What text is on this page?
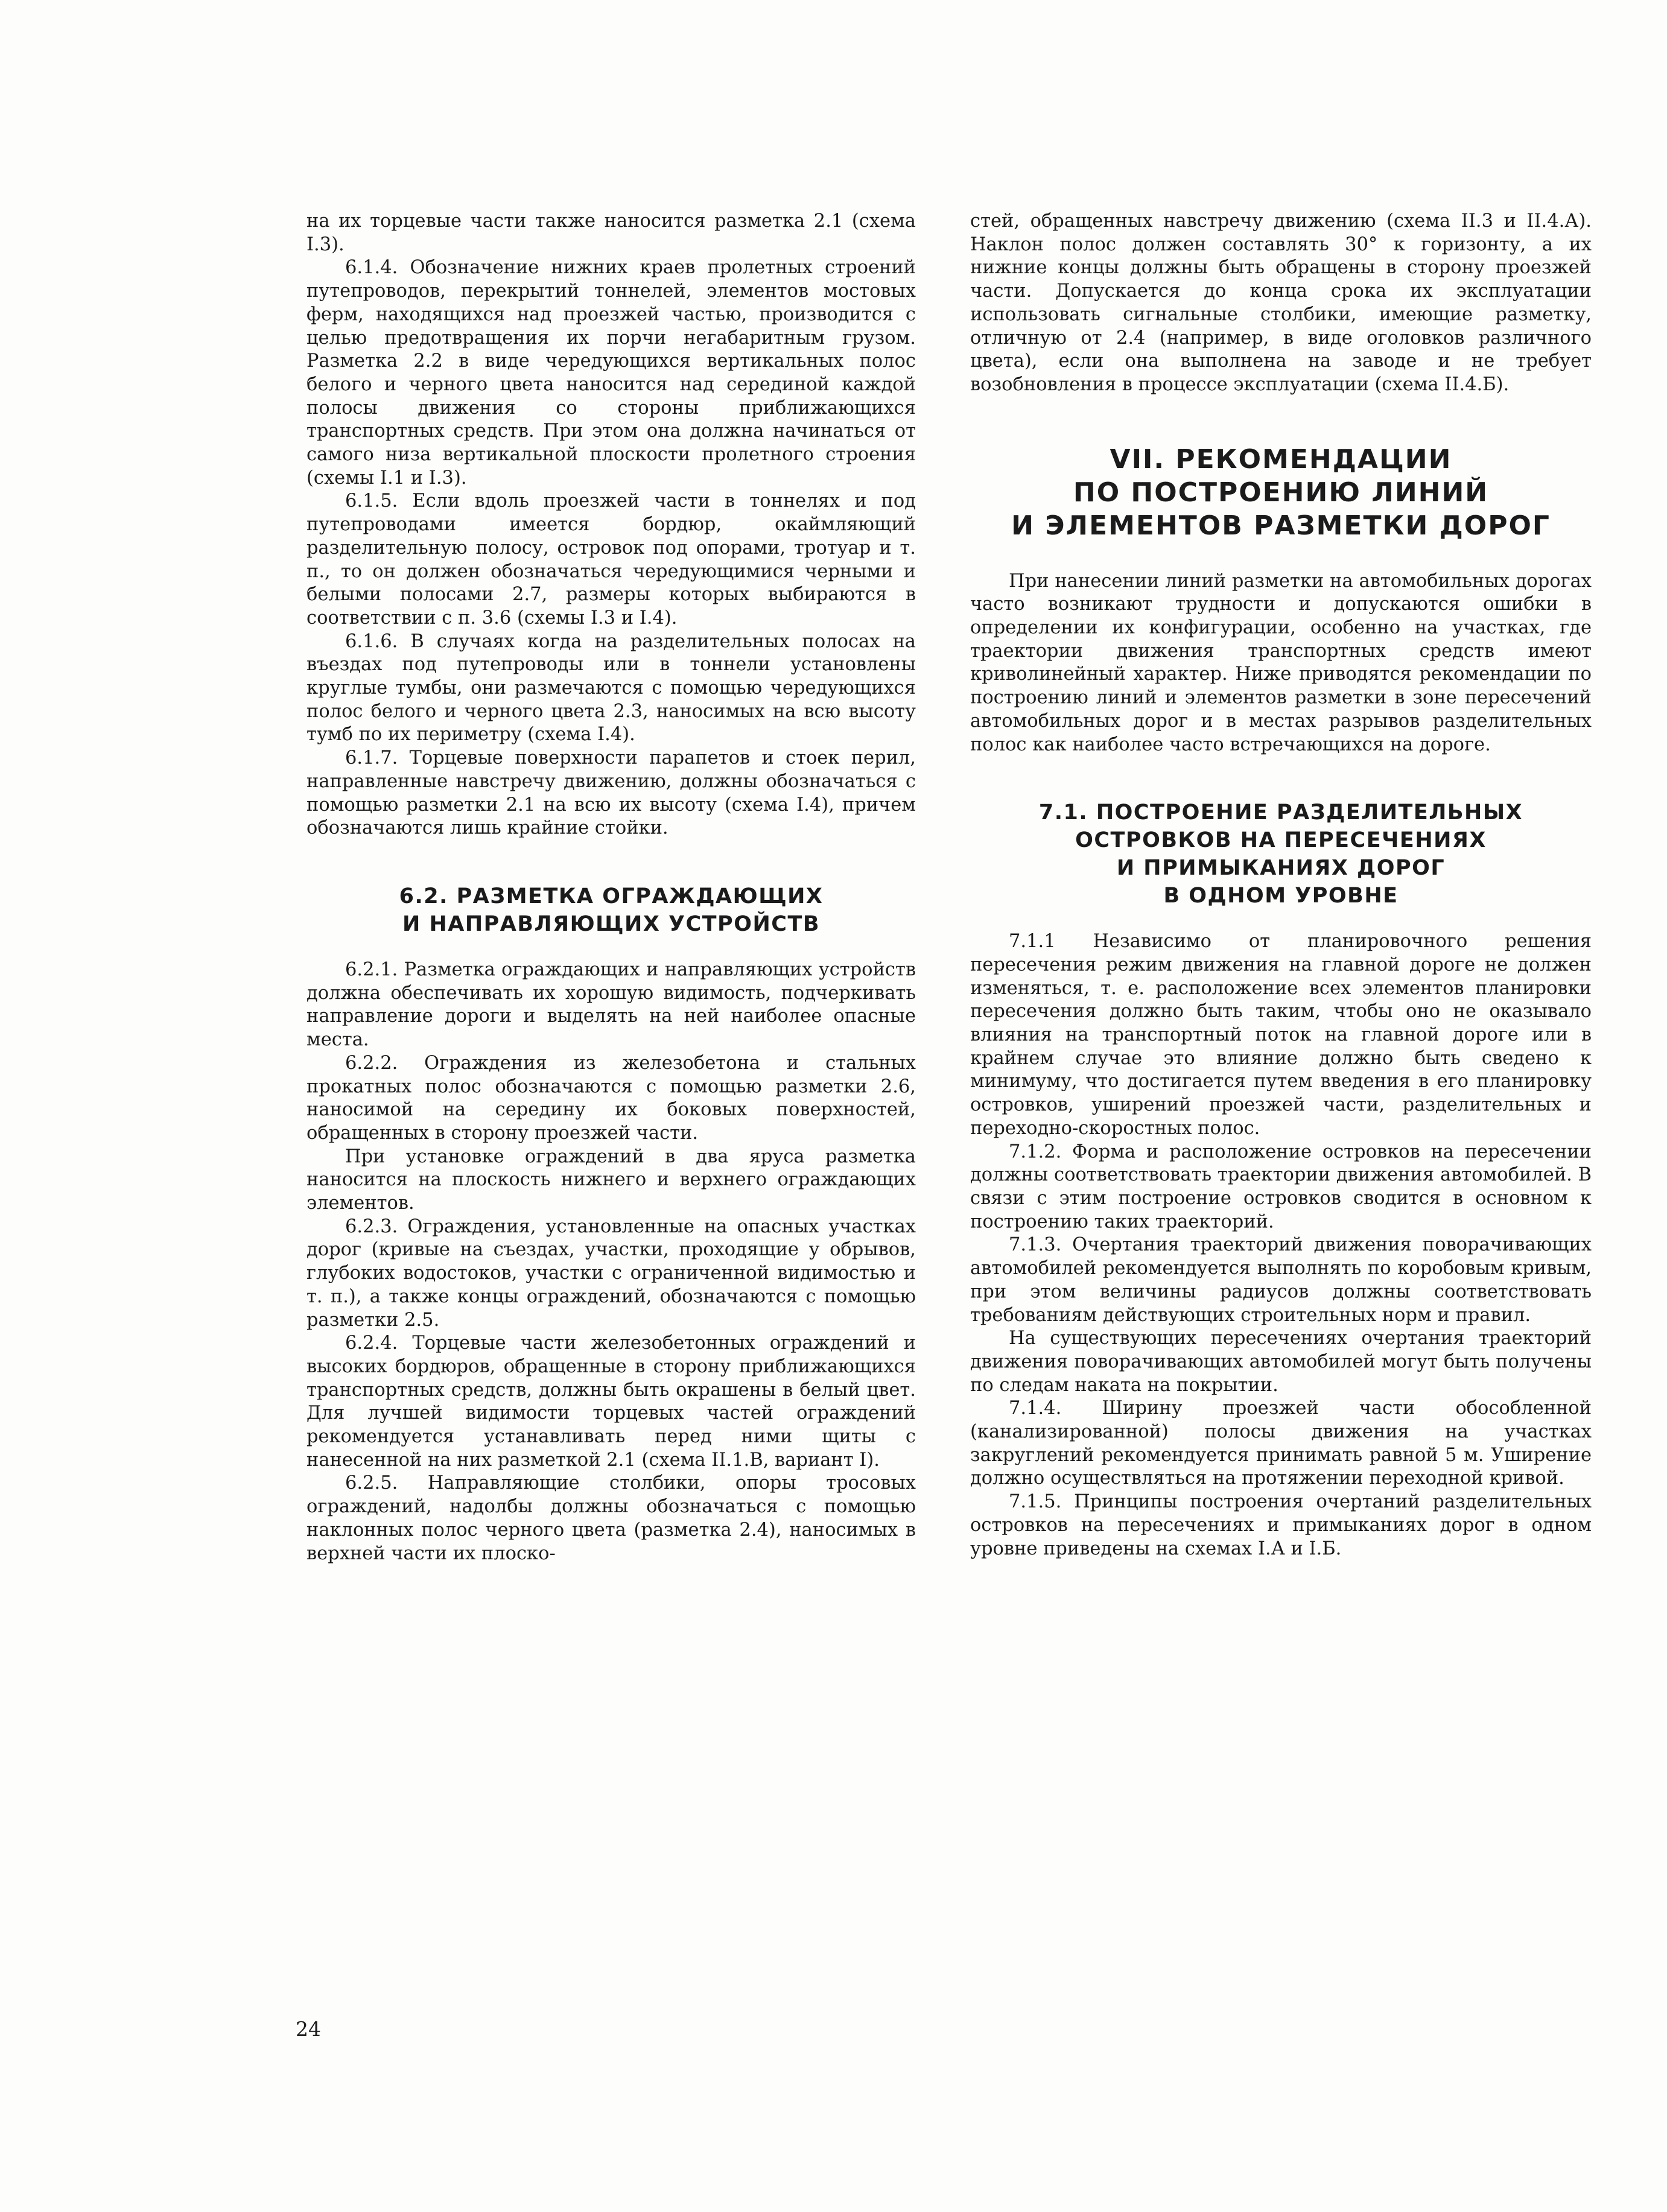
на их торцевые части также наносится разметка 2.1 (схема I.3).

6.1.4. Обозначение нижних краев пролетных строений путепроводов, перекрытий тоннелей, элементов мостовых ферм, находящихся над проезжей частью, производится с целью предотвращения их порчи негабаритным грузом. Разметка 2.2 в виде чередующихся вертикальных полос белого и черного цвета наносится над серединой каждой полосы движения со стороны приближающихся транспортных средств. При этом она должна начинаться от самого низа вертикальной плоскости пролетного строения (схемы I.1 и I.3).

6.1.5. Если вдоль проезжей части в тоннелях и под путепроводами имеется бордюр, окаймляющий разделительную полосу, островок под опорами, тротуар и т. п., то он должен обозначаться чередующимися черными и белыми полосами 2.7, размеры которых выбираются в соответствии с п. 3.6 (схемы I.3 и I.4).

6.1.6. В случаях когда на разделительных полосах на въездах под путепроводы или в тоннели установлены круглые тумбы, они размечаются с помощью чередующихся полос белого и черного цвета 2.3, наносимых на всю высоту тумб по их периметру (схема I.4).

6.1.7. Торцевые поверхности парапетов и стоек перил, направленные навстречу движению, должны обозначаться с помощью разметки 2.1 на всю их высоту (схема I.4), причем обозначаются лишь крайние стойки.

6.2. РАЗМЕТКА ОГРАЖДАЮЩИХ
И НАПРАВЛЯЮЩИХ УСТРОЙСТВ

6.2.1. Разметка ограждающих и направляющих устройств должна обеспечивать их хорошую видимость, подчеркивать направление дороги и выделять на ней наиболее опасные места.

6.2.2. Ограждения из железобетона и стальных прокатных полос обозначаются с помощью разметки 2.6, наносимой на середину их боковых поверхностей, обращенных в сторону проезжей части.

При установке ограждений в два яруса разметка наносится на плоскость нижнего и верхнего ограждающих элементов.

6.2.3. Ограждения, установленные на опасных участках дорог (кривые на съездах, участки, проходящие у обрывов, глубоких водостоков, участки с ограниченной видимостью и т. п.), а также концы ограждений, обозначаются с помощью разметки 2.5.

6.2.4. Торцевые части железобетонных ограждений и высоких бордюров, обращенные в сторону приближающихся транспортных средств, должны быть окрашены в белый цвет. Для лучшей видимости торцевых частей ограждений рекомендуется устанавливать перед ними щиты с нанесенной на них разметкой 2.1 (схема II.1.В, вариант I).

6.2.5. Направляющие столбики, опоры тросовых ограждений, надолбы должны обозначаться с помощью наклонных полос черного цвета (разметка 2.4), наносимых в верхней части их плоско-

стей, обращенных навстречу движению (схема II.3 и II.4.А). Наклон полос должен составлять 30° к горизонту, а их нижние концы должны быть обращены в сторону проезжей части. Допускается до конца срока их эксплуатации использовать сигнальные столбики, имеющие разметку, отличную от 2.4 (например, в виде оголовков различного цвета), если она выполнена на заводе и не требует возобновления в процессе эксплуатации (схема II.4.Б).

VII. РЕКОМЕНДАЦИИ
ПО ПОСТРОЕНИЮ ЛИНИЙ
И ЭЛЕМЕНТОВ РАЗМЕТКИ ДОРОГ

При нанесении линий разметки на автомобильных дорогах часто возникают трудности и допускаются ошибки в определении их конфигурации, особенно на участках, где траектории движения транспортных средств имеют криволинейный характер. Ниже приводятся рекомендации по построению линий и элементов разметки в зоне пересечений автомобильных дорог и в местах разрывов разделительных полос как наиболее часто встречающихся на дороге.

7.1. ПОСТРОЕНИЕ РАЗДЕЛИТЕЛЬНЫХ
ОСТРОВКОВ НА ПЕРЕСЕЧЕНИЯХ
И ПРИМЫКАНИЯХ ДОРОГ
В ОДНОМ УРОВНЕ

7.1.1 Независимо от планировочного решения пересечения режим движения на главной дороге не должен изменяться, т. е. расположение всех элементов планировки пересечения должно быть таким, чтобы оно не оказывало влияния на транспортный поток на главной дороге или в крайнем случае это влияние должно быть сведено к минимуму, что достигается путем введения в его планировку островков, уширений проезжей части, разделительных и переходно-скоростных полос.

7.1.2. Форма и расположение островков на пересечении должны соответствовать траектории движения автомобилей. В связи с этим построение островков сводится в основном к построению таких траекторий.

7.1.3. Очертания траекторий движения поворачивающих автомобилей рекомендуется выполнять по коробовым кривым, при этом величины радиусов должны соответствовать требованиям действующих строительных норм и правил.

На существующих пересечениях очертания траекторий движения поворачивающих автомобилей могут быть получены по следам наката на покрытии.

7.1.4. Ширину проезжей части обособленной (канализированной) полосы движения на участках закруглений рекомендуется принимать равной 5 м. Уширение должно осуществляться на протяжении переходной кривой.

7.1.5. Принципы построения очертаний разделительных островков на пересечениях и примыканиях дорог в одном уровне приведены на схемах I.А и I.Б.

24
